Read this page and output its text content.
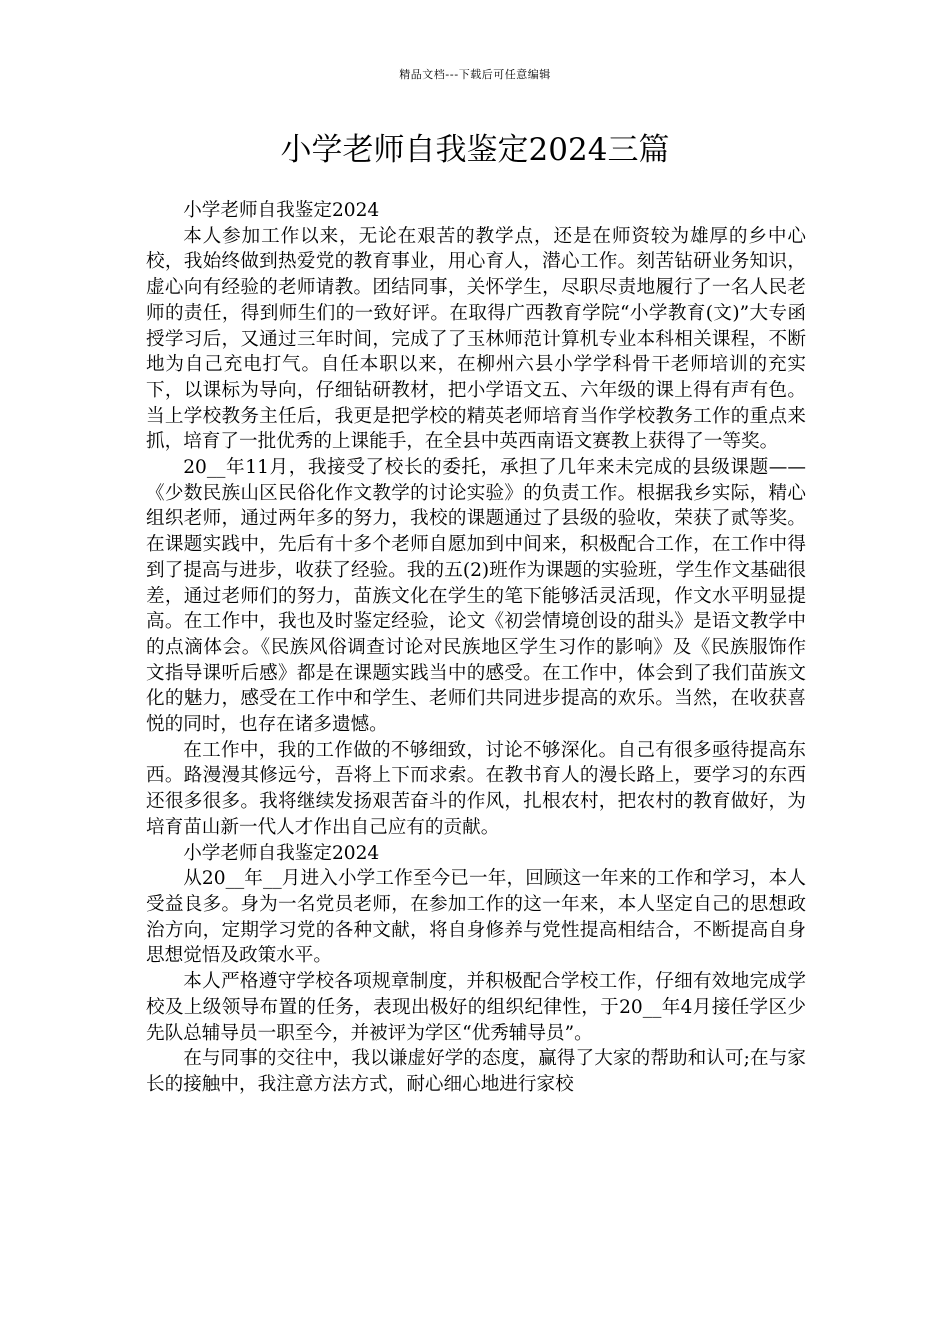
精品文档---下载后可任意编辑
小学老师自我鉴定2024三篇

小学老师自我鉴定2024

本人参加工作以来，无论在艰苦的教学点，还是在师资较为雄厚的乡中心校，我始终做到热爱党的教育事业，用心育人，潜心工作。刻苦钻研业务知识，虚心向有经验的老师请教。团结同事，关怀学生，尽职尽责地履行了一名人民老师的责任，得到师生们的一致好评。在取得广西教育学院“小学教育(文)”大专函授学习后，又通过三年时间，完成了了玉林师范计算机专业本科相关课程，不断地为自己充电打气。自任本职以来，在柳州六县小学学科骨干老师培训的充实下，以课标为导向，仔细钻研教材，把小学语文五、六年级的课上得有声有色。当上学校教务主任后，我更是把学校的精英老师培育当作学校教务工作的重点来抓，培育了一批优秀的上课能手，在全县中英西南语文赛教上获得了一等奖。

20__年11月，我接受了校长的委托，承担了几年来未完成的县级课题——《少数民族山区民俗化作文教学的讨论实验》的负责工作。根据我乡实际，精心组织老师，通过两年多的努力，我校的课题通过了县级的验收，荣获了贰等奖。在课题实践中，先后有十多个老师自愿加到中间来，积极配合工作，在工作中得到了提高与进步，收获了经验。我的五(2)班作为课题的实验班，学生作文基础很差，通过老师们的努力，苗族文化在学生的笔下能够活灵活现，作文水平明显提高。在工作中，我也及时鉴定经验，论文《初尝情境创设的甜头》是语文教学中的点滴体会。《民族风俗调查讨论对民族地区学生习作的影响》及《民族服饰作文指导课听后感》都是在课题实践当中的感受。在工作中，体会到了我们苗族文化的魅力，感受在工作中和学生、老师们共同进步提高的欢乐。当然，在收获喜悦的同时，也存在诸多遗憾。

在工作中，我的工作做的不够细致，讨论不够深化。自己有很多亟待提高东西。路漫漫其修远兮，吾将上下而求索。在教书育人的漫长路上，要学习的东西还很多很多。我将继续发扬艰苦奋斗的作风，扎根农村，把农村的教育做好，为培育苗山新一代人才作出自己应有的贡献。

小学老师自我鉴定2024

从20__年__月进入小学工作至今已一年，回顾这一年来的工作和学习，本人受益良多。身为一名党员老师，在参加工作的这一年来，本人坚定自己的思想政治方向，定期学习党的各种文献，将自身修养与党性提高相结合，不断提高自身思想觉悟及政策水平。

本人严格遵守学校各项规章制度，并积极配合学校工作，仔细有效地完成学校及上级领导布置的任务，表现出极好的组织纪律性，于20__年4月接任学区少先队总辅导员一职至今，并被评为学区“优秀辅导员”。

在与同事的交往中，我以谦虚好学的态度，赢得了大家的帮助和认可;在与家长的接触中，我注意方法方式，耐心细心地进行家校
